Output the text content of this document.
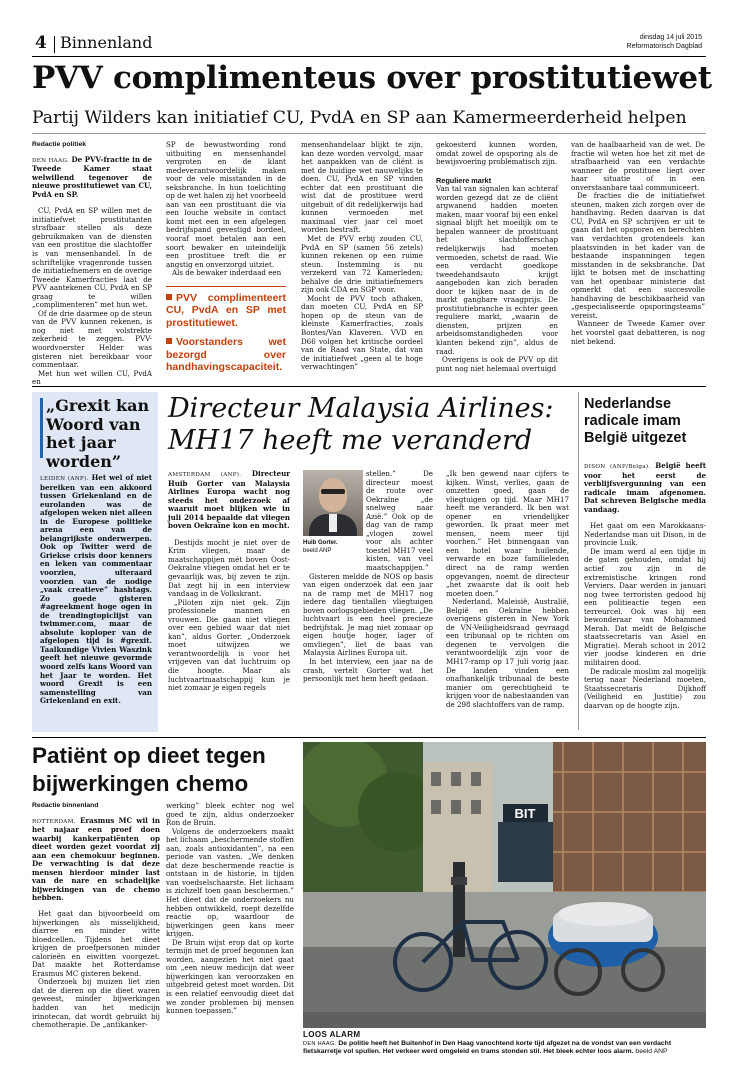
4 Binnenland	dinsdag 14 juli 2015
Reformatorisch Dagblad
PVV complimenteus over prostitutiewet
Partij Wilders kan initiatief CU, PvdA en SP aan Kamermeerderheid helpen
Redactie politiek

DEN HAAG. De PVV-fractie in de Tweede Kamer staat welwillend tegenover de nieuwe prostitutiewet van CU, PvdA en SP.

CU, PvdA en SP willen met de initiatiefwet prostitutanten strafbaar stellen als deze gebruikmaken van de diensten van een prostitue die slachtoffer is van mensenhandel. In de schriftelijke vragenronde tussen de initiatiefnemers en de overige Tweede Kamerfracties laat de PVV aantekenen CU, PvdA en SP graag te willen „complimenteren” met hun wet.

Of de drie daarmee op de steun van de PVV kunnen rekenen, is nog niet met volstrekte zekerheid te zeggen. PVV-woordvoerster Helder was gisteren niet bereikbaar voor commentaar.

Met hun wet willen CU, PvdA en

SP de bewustwording rond uitbuiting en mensenhandel vergroten en de klant medeverantwoordelijk maken voor de vele misstanden in de seksbranche. In hun toelichting op de wet halen zij het voorbeeld aan van een prostituant die via een louche website in contact komt met een in een afgelegen bedrijfspand gevestigd bordeel, vooraf moet betalen aan een soort bewaker en uiteindelijk een prostituee treft die er angstig en onverzorgd uitziet.

Als de bewaker inderdaad een

PVV complimenteert CU, PvdA en SP met prostitutiewet.
Voorstanders wet bezorgd over handhavingscapaciteit.

mensenhandelaar blijkt te zijn, kan deze worden vervolgd, maar het aanpakken van de cliënt is met de huidige wet nauwelijks te doen. CU, PvdA en SP vinden echter dat een prostituant die wist dat de prostituee werd uitgebuit of dit redelijkerwijs had kunnen vermoeden met maximaal vier jaar cel moet worden bestraft.

Met de PVV erbij zouden CU, PvdA en SP (samen 56 zetels) kunnen rekenen op een ruime steun. Instemming is nu verzekerd van 72 Kamerleden; behalve de drie initiatiefnemers zijn ook CDA en SGP voor.

Mocht de PVV toch afhaken, dan moeten CU, PvdA en SP hopen op de steun van de kleinste Kamerfracties, zoals Bontes/Van Klaveren. VVD en D66 volgen het kritische oordeel van de Raad van State, dat van de initiatiefwet „geen al te hoge verwachtingen”

gekoesterd kunnen worden, omdat zowel de opsporing als de bewijsvoering problematisch zijn.

Reguliere markt

Van tal van signalen kan achteraf worden gezegd dat ze de cliënt argwanend hadden moeten maken, maar vooraf bij een enkel signaal blijft het moeilijk om te bepalen wanneer de prostituant het slachtofferschap redelijkerwijs had moeten vermoeden, schetst de raad. Wie een verdacht goedkope tweedehandsauto krijgt aangeboden kan zich beraden door te kijken naar de in de markt gangbare vraagprijs. De prostitutiebranche is echter geen reguliere markt, „waarin de diensten, prijzen en arbeidsomstandigheden voor klanten bekend zijn”, aldus de raad.

Overigens is ook de PVV op dit punt nog niet helemaal overtuigd

van de haalbaarheid van de wet. De fractie wil weten hoe het zit met de strafbaarheid van een verdachte wanneer de prostituee liegt over haar situatie of in een onverstaanbare taal communiceert.

De fracties die de initiatiefwet steunen, maken zich zorgen over de handhaving. Reden daarvan is dat CU, PvdA en SP schrijven er uit te gaan dat het opsporen en berechten van verdachten grotendeels kan plaatsvinden in het kader van de bestaande inspanningen tegen misstanden in de seksbranche. Dat lijkt te botsen met de inschatting van het openbaar ministerie dat opmerkt dat een succesvolle handhaving de beschikbaarheid van „gespecialiseerde opsporingsteams” vereist.

Wanneer de Tweede Kamer over het voorstel gaat debatteren, is nog niet bekend.

„Grexit kan Woord van het jaar worden”

LEIDEN (ANP). Het wel of niet bereiken van een akkoord tussen Griekenland en de eurolanden was de afgelopen weken niet alleen in de Europese politieke arena een van de belangrijkste onderwerpen. Ook op Twitter werd de Griekse crisis door kenners en leken van commentaar voorzien, uiteraard voorzien van de nodige „vaak creatieve” hashtags. Zo goede gisteren #agreekment hoge ogen in de trendingtopiclijst van twimmer.com, maar de absolute koploper van de afgelopen tijd is #grexit. Taalkundige Vivien Waszink geeft het nieuwe gevormde woord zelfs kans Woord van het Jaar te worden. Het woord Grexit is een samenstelling van Griekenland en exit.

Directeur Malaysia Airlines:
MH17 heeft me veranderd

AMSTERDAM (ANP). Directeur Huib Gorter van Malaysia Airlines Europa wacht nog steeds het onderzoek af waaruit moet blijken wie in juli 2014 bepaalde dat vliegen boven Oekraïne kon en mocht.

Destijds mocht je niet over de Krim vliegen, maar de maatschappijen mét boven Oost-Oekraïne vliegen omdat het er te gevaarlijk was, bij zeven te zijn. Dat zegt hij in een interview vandaag in de Volkskrant.

„Piloten zijn niet gek. Zijn professionele mannen en vrouwen. Die gaan niet vliegen over een gebied waar dat niet kan”, aldus Gorter. „Onderzoek moet uitwijzen we verantwoordelijk is voor het vrijgeven van dat luchtruim op die hoogte. Maar als luchtvaartmaatschappij kun je niet zomaar je eigen regels

Huib Gorter.
beeld ANP

stellen.” De directeur moest de route over Oekraïne „de snelweg naar Azië.” Ook op de dag van de ramp „vlogen zowel voor als achter toestel MH17 veel kisten, van veel maatschappijen.”

Gisteren meldde de NOS op basis van eigen onderzoek dat een jaar na de ramp met de MH17 nog iedere dag tientallen vliegtuigen boven oorlogsgebieden vliegen. „De luchtvaart is een heel precieze bedrijfstak. Je mag niet zomaar op eigen houtje hoger, lager of omvliegen”, liet de baas van Malaysia Airlines Europa uit.

In het interview, een jaar na de crash, vertelt Gorter wat het persoonlijk met hem heeft gedaan.

„Ik ben gewend naar cijfers te kijken. Winst, verlies, gaan de omzetten goed, gaan de vliegtuigen op tijd. Maar MH17 heeft me veranderd. Ik ben wat opener en vriendelijker geworden. Ik praat meer met mensen, neem meer tijd voorhen.” Het binnengaan van een hotel waar huilende, verwarde en boze familieleden direct na de ramp werden opgevangen, noemt de directeur „het zwaarste dat ik ooit heb moeten doen.”

Nederland, Maleisië, Australië, België en Oekraïne hebben overigens gisteren in New York de VN-Veiligheidsraad gevraagd een tribunaal op te richten om degenen te vervolgen die verantwoordelijk zijn voor de MH17-ramp op 17 juli vorig jaar. De landen vinden een onafhankelijk tribunaal de beste manier om gerechtigheid te krijgen voor de nabestaanden van de 298 slachtoffers van de ramp.

Nederlandse radicale imam België uitgezet

DISON (ANP/Belga). België heeft voor het eerst de verblijfsvergunning van een radicale imam afgenomen. Dat schreven Belgische media vandaag.

Het gaat om een Marokkaans-Nederlandse man uit Dison, in de provincie Luik.

De imam werd al een tijdje in de gaten gehouden, omdat hij actief zou zijn in de extremistische kringen rond Verviers. Daar werden in januari nog twee terroristen gedood bij een politieactie tegen een terreurcel. Ook was hij een bewonderaar van Mohammed Merah. Dat meldt de Belgische staatssecretaris van Asiel en Migratie). Merah schoot in 2012 vier joodse kinderen en drie militairen dood.

De radicale moslim zal mogelijk terug naar Nederland moeten, Staatssecretaris Dijkhoff (Veiligheid en Justitie) zou daarvan op de hoogte zijn.

Patiënt op dieet tegen
bijwerkingen chemo
Redactie binnenland

ROTTERDAM. Erasmus MC wil in het najaar een proef doen waarbij kankerpatiënten op dieet worden gezet voordat zij aan een chemokuur beginnen. De verwachting is dat deze mensen hierdoor minder last van de nare en schadelijke bijwerkingen van de chemo hebben.

Het gaat dan bijvoorbeeld om bijwerkingen als misselijkheid, diarree en minder witte bloedcellen. Tijdens het dieet krijgen de proefpersonen minder calorieën en eiwitten voorgezet. Dat maakte het Rotterdamse Erasmus MC gisteren bekend.

Onderzoek bij muizen liet zien dat de dieren op die dieet waren geweest, minder bijwerkingen hadden van het medicijn irinotecan, dat wordt gebruikt bij chemotherapie. De „antikanker-

werking” bleek echter nog wel goed te zijn, aldus onderzoeker Ron de Bruin.

Volgens de onderzoekers maakt het lichaam „beschermende stoffen aan, zoals antioxidanten”, na een periode van vasten. „We denken dat deze beschermende reactie is ontstaan in de historie, in tijden van voedselschaarste. Het lichaam is zichzelf toen gaan beschermen.” Het dieet dat de onderzoekers nu hebben ontwikkeld, roept dezelfde reactie op, waardoor de bijwerkingen geen kans meer krijgen.

De Bruin wijst erop dat op korte termijn met de proef begonnen kan worden, aangezien het niet gaat om „een nieuw medicijn dat weer bijwerkingen kan veroorzaken en uitgebreid getest moet worden. Dit is een relatief eenvoudig dieet dat we zonder problemen bij mensen kunnen toepassen.”

BIT
LOOS ALARM
DEN HAAG. De politie heeft het Buitenhof in Den Haag vanochtend korte tijd afgezet na de vondst van een verdacht fietskarretje vol spullen. Het verkeer werd omgeleid en trams stonden stil. Het bleek echter loos alarm. beeld ANP
